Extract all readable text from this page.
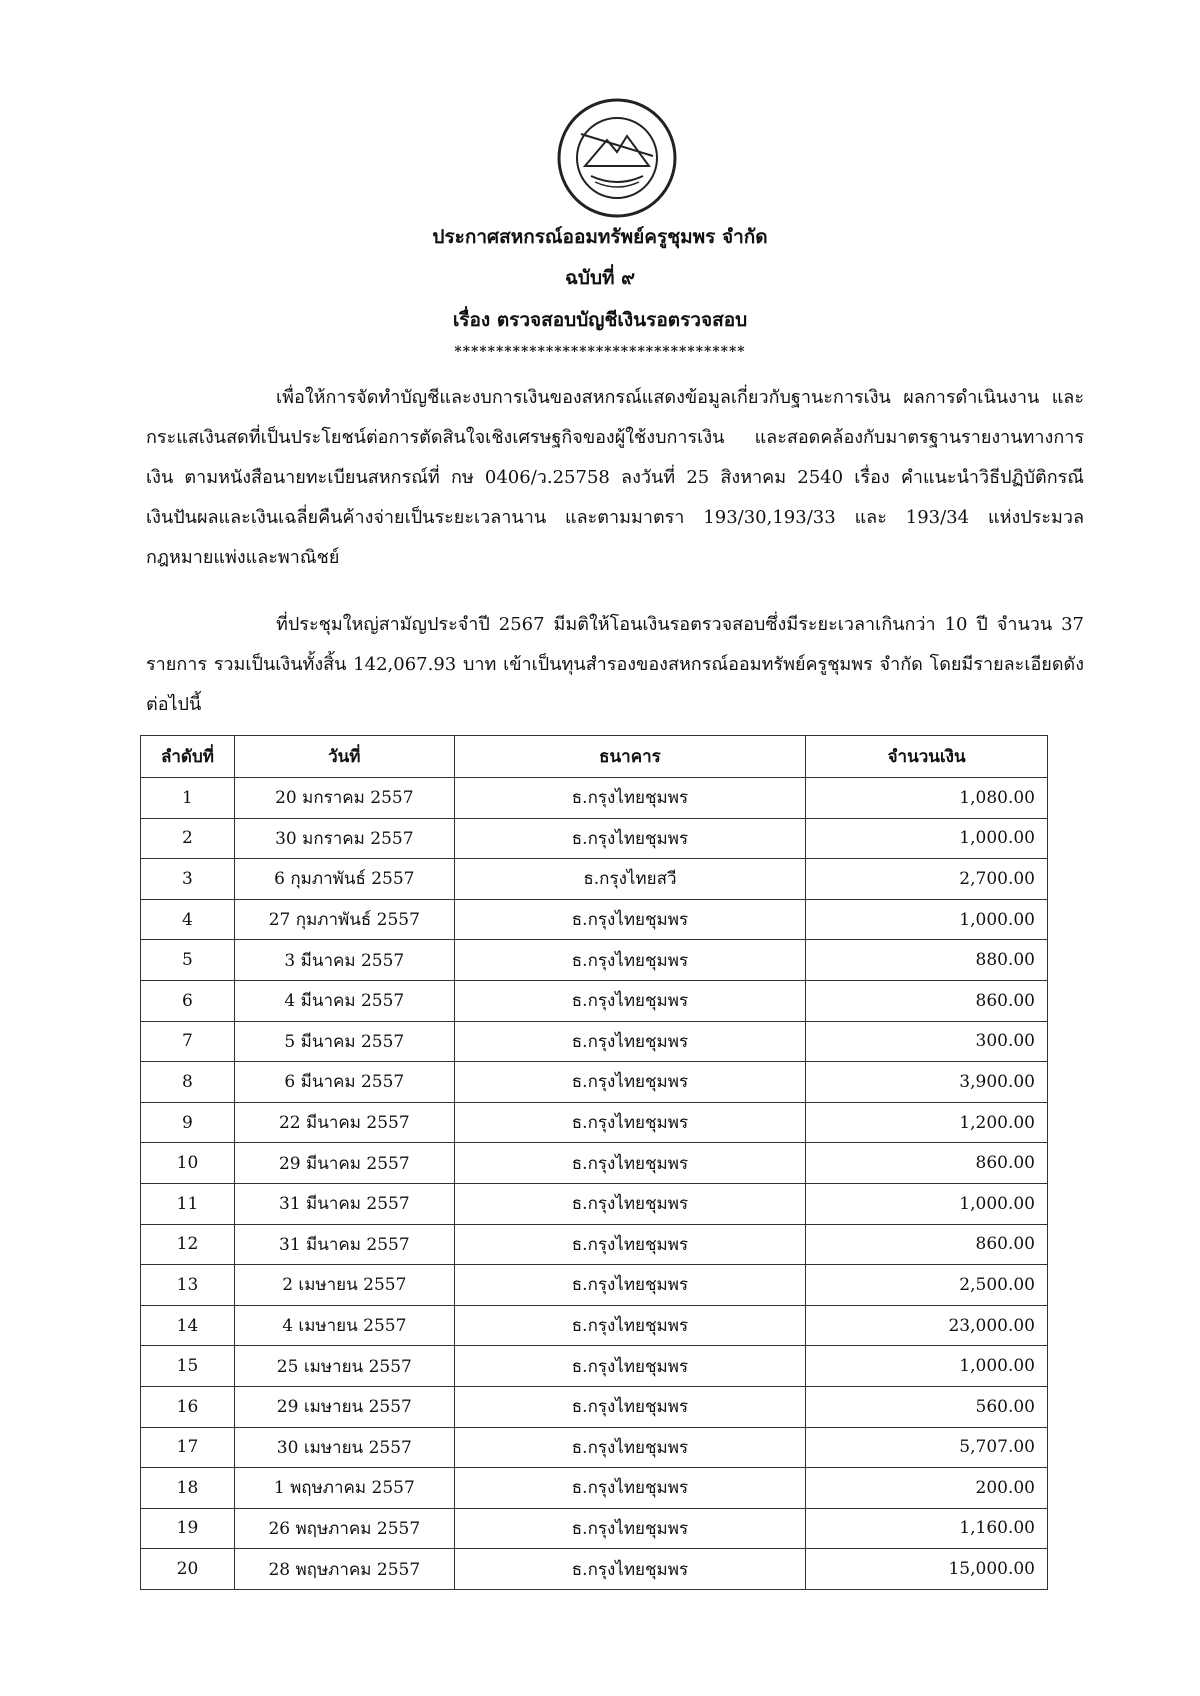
ประกาศสหกรณ์ออมทรัพย์ครูชุมพร จำกัด
ฉบับที่ ๙
เรื่อง ตรวจสอบบัญชีเงินรอตรวจสอบ
***********************************
เพื่อให้การจัดทำบัญชีและงบการเงินของสหกรณ์แสดงข้อมูลเกี่ยวกับฐานะการเงิน ผลการดำเนินงาน และกระแสเงินสดที่เป็นประโยชน์ต่อการตัดสินใจเชิงเศรษฐกิจของผู้ใช้งบการเงิน และสอดคล้องกับมาตรฐานรายงานทางการเงิน ตามหนังสือนายทะเบียนสหกรณ์ที่ กษ 0406/ว.25758 ลงวันที่ 25 สิงหาคม 2540 เรื่อง คำแนะนำวิธีปฏิบัติกรณีเงินปันผลและเงินเฉลี่ยคืนค้างจ่ายเป็นระยะเวลานาน และตามมาตรา 193/30,193/33 และ 193/34 แห่งประมวลกฎหมายแพ่งและพาณิชย์
ที่ประชุมใหญ่สามัญประจำปี 2567 มีมติให้โอนเงินรอตรวจสอบซึ่งมีระยะเวลาเกินกว่า 10 ปี จำนวน 37 รายการ รวมเป็นเงินทั้งสิ้น 142,067.93 บาท เข้าเป็นทุนสำรองของสหกรณ์ออมทรัพย์ครูชุมพร จำกัด โดยมีรายละเอียดดังต่อไปนี้
ลำดับที่	วันที่	ธนาคาร	จำนวนเงิน
1	20 มกราคม 2557	ธ.กรุงไทยชุมพร	1,080.00
2	30 มกราคม 2557	ธ.กรุงไทยชุมพร	1,000.00
3	6 กุมภาพันธ์ 2557	ธ.กรุงไทยสวี	2,700.00
4	27 กุมภาพันธ์ 2557	ธ.กรุงไทยชุมพร	1,000.00
5	3 มีนาคม 2557	ธ.กรุงไทยชุมพร	880.00
6	4 มีนาคม 2557	ธ.กรุงไทยชุมพร	860.00
7	5 มีนาคม 2557	ธ.กรุงไทยชุมพร	300.00
8	6 มีนาคม 2557	ธ.กรุงไทยชุมพร	3,900.00
9	22 มีนาคม 2557	ธ.กรุงไทยชุมพร	1,200.00
10	29 มีนาคม 2557	ธ.กรุงไทยชุมพร	860.00
11	31 มีนาคม 2557	ธ.กรุงไทยชุมพร	1,000.00
12	31 มีนาคม 2557	ธ.กรุงไทยชุมพร	860.00
13	2 เมษายน 2557	ธ.กรุงไทยชุมพร	2,500.00
14	4 เมษายน 2557	ธ.กรุงไทยชุมพร	23,000.00
15	25 เมษายน 2557	ธ.กรุงไทยชุมพร	1,000.00
16	29 เมษายน 2557	ธ.กรุงไทยชุมพร	560.00
17	30 เมษายน 2557	ธ.กรุงไทยชุมพร	5,707.00
18	1 พฤษภาคม 2557	ธ.กรุงไทยชุมพร	200.00
19	26 พฤษภาคม 2557	ธ.กรุงไทยชุมพร	1,160.00
20	28 พฤษภาคม 2557	ธ.กรุงไทยชุมพร	15,000.00
